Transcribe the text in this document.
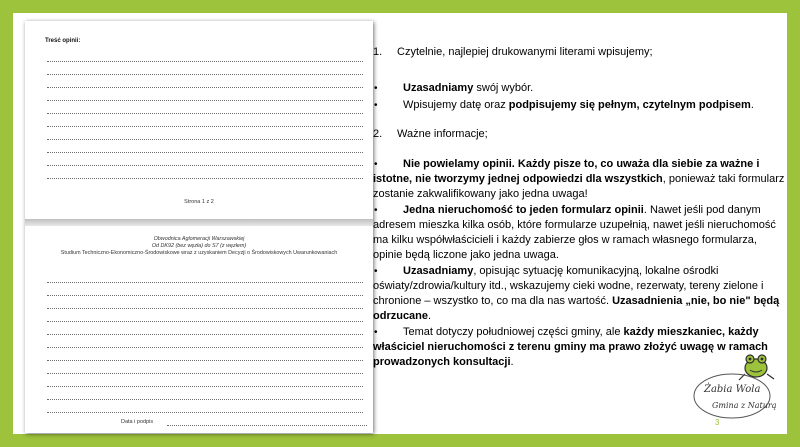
Treść opinii:
Strona 1 z 2
Obwodnica Aglomeracji Warszawskiej
Od DK92 (bez węzła) do S7 (z węzłem)
Studium Techniczno-Ekonomiczno-Środowiskowe wraz z uzyskaniem Decyzji o Środowiskowych Uwarunkowaniach
Data i podpis
1. Czytelnie, najlepiej drukowanymi literami wpisujemy;
• Uzasadniamy swój wybór.
• Wpisujemy datę oraz podpisujemy się pełnym, czytelnym podpisem.
2. Ważne informacje;
•	Nie powielamy opinii. Każdy pisze to, co uważa dla siebie za ważne i
istotne, nie tworzymy jednej odpowiedzi dla wszystkich, ponieważ taki formularz
zostanie zakwalifikowany jako jedna uwaga!
•	Jedna nieruchomość to jeden formularz opinii. Nawet jeśli pod danym
adresem mieszka kilka osób, które formularze uzupełnią, nawet jeśli nieruchomość
ma kilku współwłaścicieli i każdy zabierze głos w ramach własnego formularza,
opinie będą liczone jako jedna uwaga.
•	Uzasadniamy, opisując sytuację komunikacyjną, lokalne ośrodki
oświaty/zdrowia/kultury itd., wskazujemy cieki wodne, rezerwaty, tereny zielone i
chronione – wszystko to, co ma dla nas wartość. Uzasadnienia „nie, bo nie" będą
odrzucane.
•	Temat dotyczy południowej części gminy, ale każdy mieszkaniec, każdy
właściciel nieruchomości z terenu gminy ma prawo złożyć uwagę w ramach
prowadzonych konsultacji.
Żabia Wola
Gmina z Naturą
3
